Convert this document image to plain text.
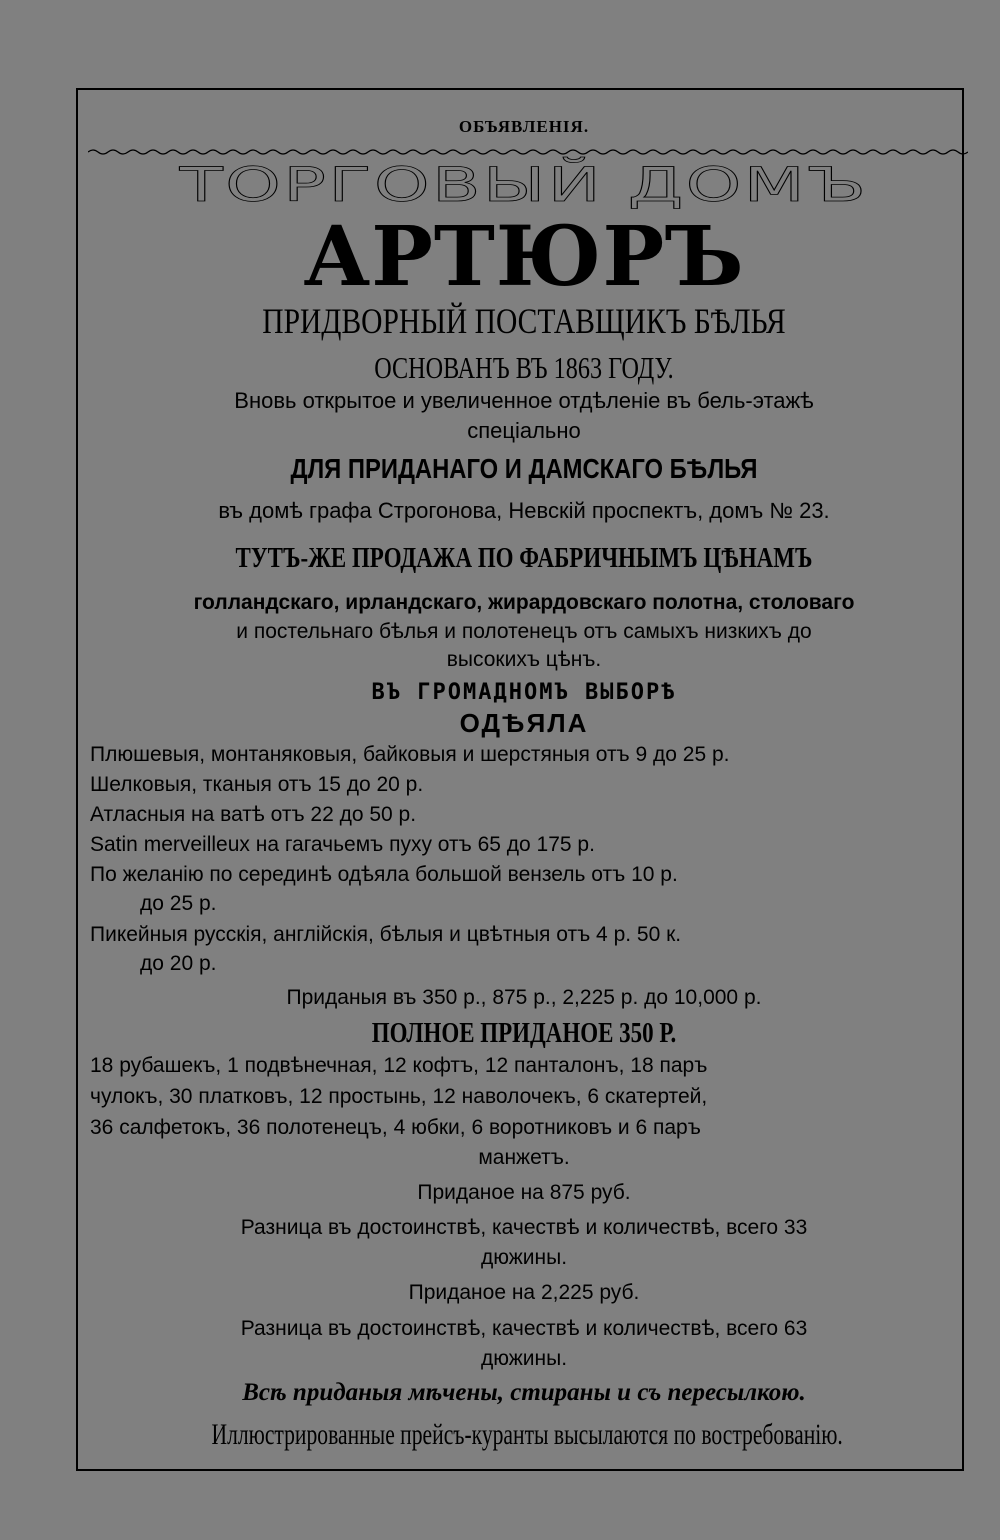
ОБЪЯВЛЕНІЯ.
ТОРГОВЫЙ ДОМЪ
АРТЮРЪ
ПРИДВОРНЫЙ ПОСТАВЩИКЪ БѢЛЬЯ
ОСНОВАНЪ ВЪ 1863 ГОДУ.
Вновь открытое и увеличенное отдѣленіе въ бель-этажѣ
спеціально
ДЛЯ ПРИДАНАГО И ДАМСКАГО БѢЛЬЯ
въ домѣ графа Строгонова, Невскій проспектъ, домъ № 23.
ТУТЪ-ЖЕ ПРОДАЖА ПО ФАБРИЧНЫМЪ ЦѢНАМЪ
голландскаго, ирландскаго, жирардовскаго полотна, столоваго
и постельнаго бѣлья и полотенецъ отъ самыхъ низкихъ до
высокихъ цѣнъ.
ВЪ ГРОМАДНОМЪ ВЫБОРѢ
ОДѢЯЛА
Плюшевыя, монтаняковыя, байковыя и шерстяныя отъ 9 до 25 р.
Шелковыя, тканыя отъ 15 до 20 р.
Атласныя на ватѣ отъ 22 до 50 р.
Satin merveilleux на гагачьемъ пуху отъ 65 до 175 р.
По желанію по серединѣ одѣяла большой вензель отъ 10 р.
до 25 р.
Пикейныя русскія, англійскія, бѣлыя и цвѣтныя отъ 4 р. 50 к.
до 20 р.
Приданыя въ 350 р., 875 р., 2,225 р. до 10,000 р.
ПОЛНОЕ ПРИДАНОЕ 350 Р.
18 рубашекъ, 1 подвѣнечная, 12 кофтъ, 12 панталонъ, 18 паръ
чулокъ, 30 платковъ, 12 простынь, 12 наволочекъ, 6 скатертей,
36 салфетокъ, 36 полотенецъ, 4 юбки, 6 воротниковъ и 6 паръ
манжетъ.
Приданое на 875 руб.
Разница въ достоинствѣ, качествѣ и количествѣ, всего 33
дюжины.
Приданое на 2,225 руб.
Разница въ достоинствѣ, качествѣ и количествѣ, всего 63
дюжины.
Всѣ приданыя мѣчены, стираны и съ пересылкою.
Иллюстрированные прейсъ-куранты высылаются по востребованію.
